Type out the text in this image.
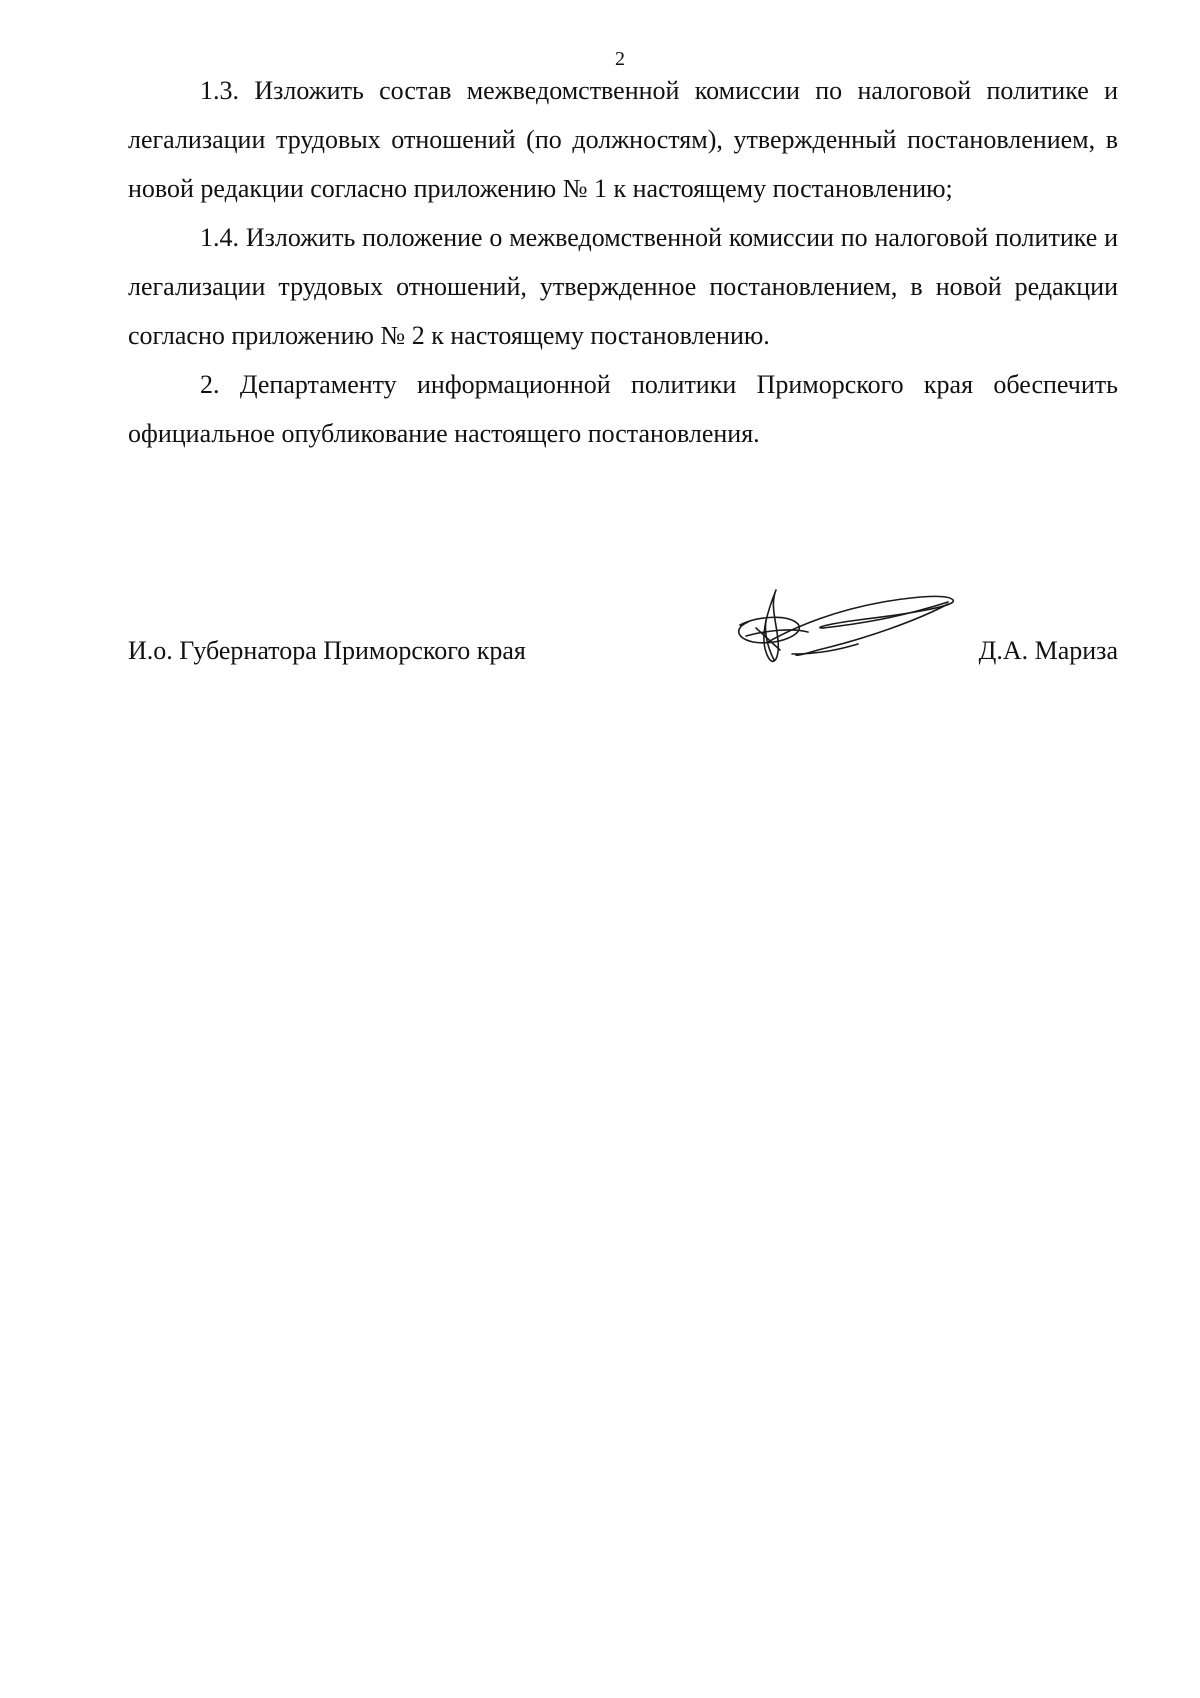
2

1.3. Изложить состав межведомственной комиссии по налоговой политике и легализации трудовых отношений (по должностям), утвержденный постановлением, в новой редакции согласно приложению № 1 к настоящему постановлению;

1.4. Изложить положение о межведомственной комиссии по налоговой политике и легализации трудовых отношений, утвержденное постановлением, в новой редакции согласно приложению № 2 к настоящему постановлению.

2. Департаменту информационной политики Приморского края обеспечить официальное опубликование настоящего постановления.

И.о. Губернатора Приморского края	Д.А. Мариза
